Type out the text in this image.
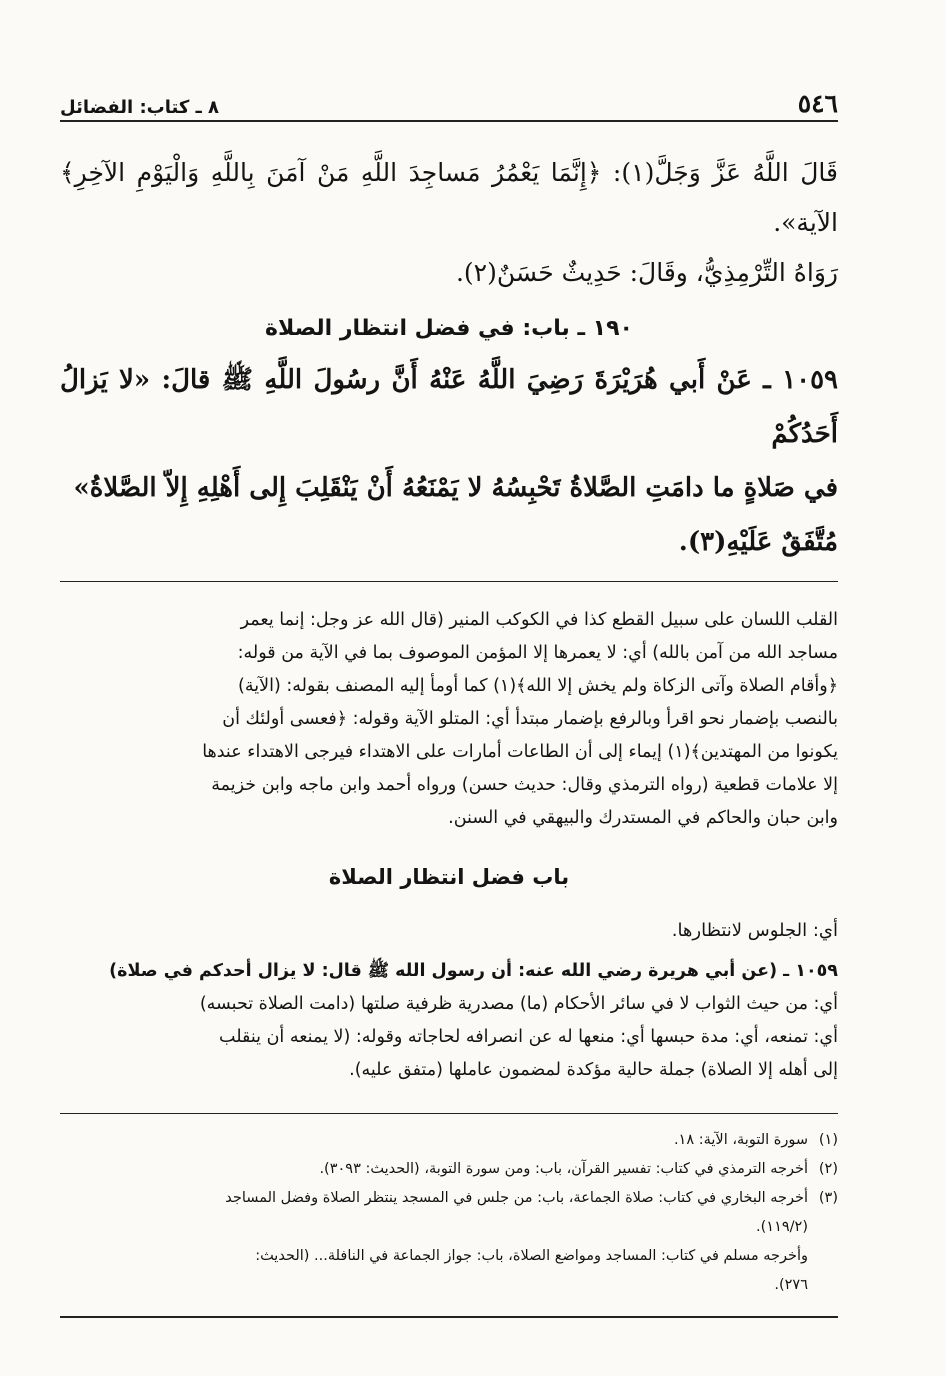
٥٤٦
٨ ـ كتاب: الفضائل
قَالَ اللَّهُ عَزَّ وَجَلَّ(١): ﴿إِنَّمَا يَعْمُرُ مَساجِدَ اللَّهِ مَنْ آمَنَ بِاللَّهِ وَالْيَوْمِ الآخِرِ﴾ الآية».
رَوَاهُ التِّرْمِذِيُّ، وقَالَ: حَدِيثٌ حَسَنٌ(٢).
١٩٠ ـ باب: في فضل انتظار الصلاة
١٠٥٩ ـ عَنْ أَبي هُرَيْرَةَ رَضِيَ اللَّهُ عَنْهُ أَنَّ رسُولَ اللَّهِ ﷺ قالَ: «لا يَزالُ أَحَدُكُمْ
في صَلاةٍ ما دامَتِ الصَّلاةُ تَحْبِسُهُ لا يَمْنَعُهُ أَنْ يَنْقَلِبَ إِلى أَهْلِهِ إِلاّ الصَّلاةُ»
مُتَّفَقٌ عَلَيْهِ(٣).

القلب اللسان على سبيل القطع كذا في الكوكب المنير (قال الله عز وجل: إنما يعمر

مساجد الله من آمن بالله) أي: لا يعمرها إلا المؤمن الموصوف بما في الآية من قوله:

﴿وأقام الصلاة وآتى الزكاة ولم يخش إلا الله﴾(١) كما أومأ إليه المصنف بقوله: (الآية)

بالنصب بإضمار نحو اقرأ وبالرفع بإضمار مبتدأ أي: المتلو الآية وقوله: ﴿فعسى أولئك أن

يكونوا من المهتدين﴾(١) إيماء إلى أن الطاعات أمارات على الاهتداء فيرجى الاهتداء عندها

إلا علامات قطعية (رواه الترمذي وقال: حديث حسن) ورواه أحمد وابن ماجه وابن خزيمة

وابن حبان والحاكم في المستدرك والبيهقي في السنن.

باب فضل انتظار الصلاة

أي: الجلوس لانتظارها.

١٠٥٩ ـ (عن أبي هريرة رضي الله عنه: أن رسول الله ﷺ قال: لا يزال أحدكم في صلاة)

أي: من حيث الثواب لا في سائر الأحكام (ما) مصدرية ظرفية صلتها (دامت الصلاة تحبسه)

أي: تمنعه، أي: مدة حبسها أي: منعها له عن انصرافه لحاجاته وقوله: (لا يمنعه أن ينقلب

إلى أهله إلا الصلاة) جملة حالية مؤكدة لمضمون عاملها (متفق عليه).

(١)
سورة التوبة، الآية: ١٨.
(٢)
أخرجه الترمذي في كتاب: تفسير القرآن، باب: ومن سورة التوبة، (الحديث: ٣٠٩٣).
(٣)
أخرجه البخاري في كتاب: صلاة الجماعة، باب: من جلس في المسجد ينتظر الصلاة وفضل المساجد
(١١٩/٢).
وأخرجه مسلم في كتاب: المساجد ومواضع الصلاة، باب: جواز الجماعة في النافلة... (الحديث:
٢٧٦).
